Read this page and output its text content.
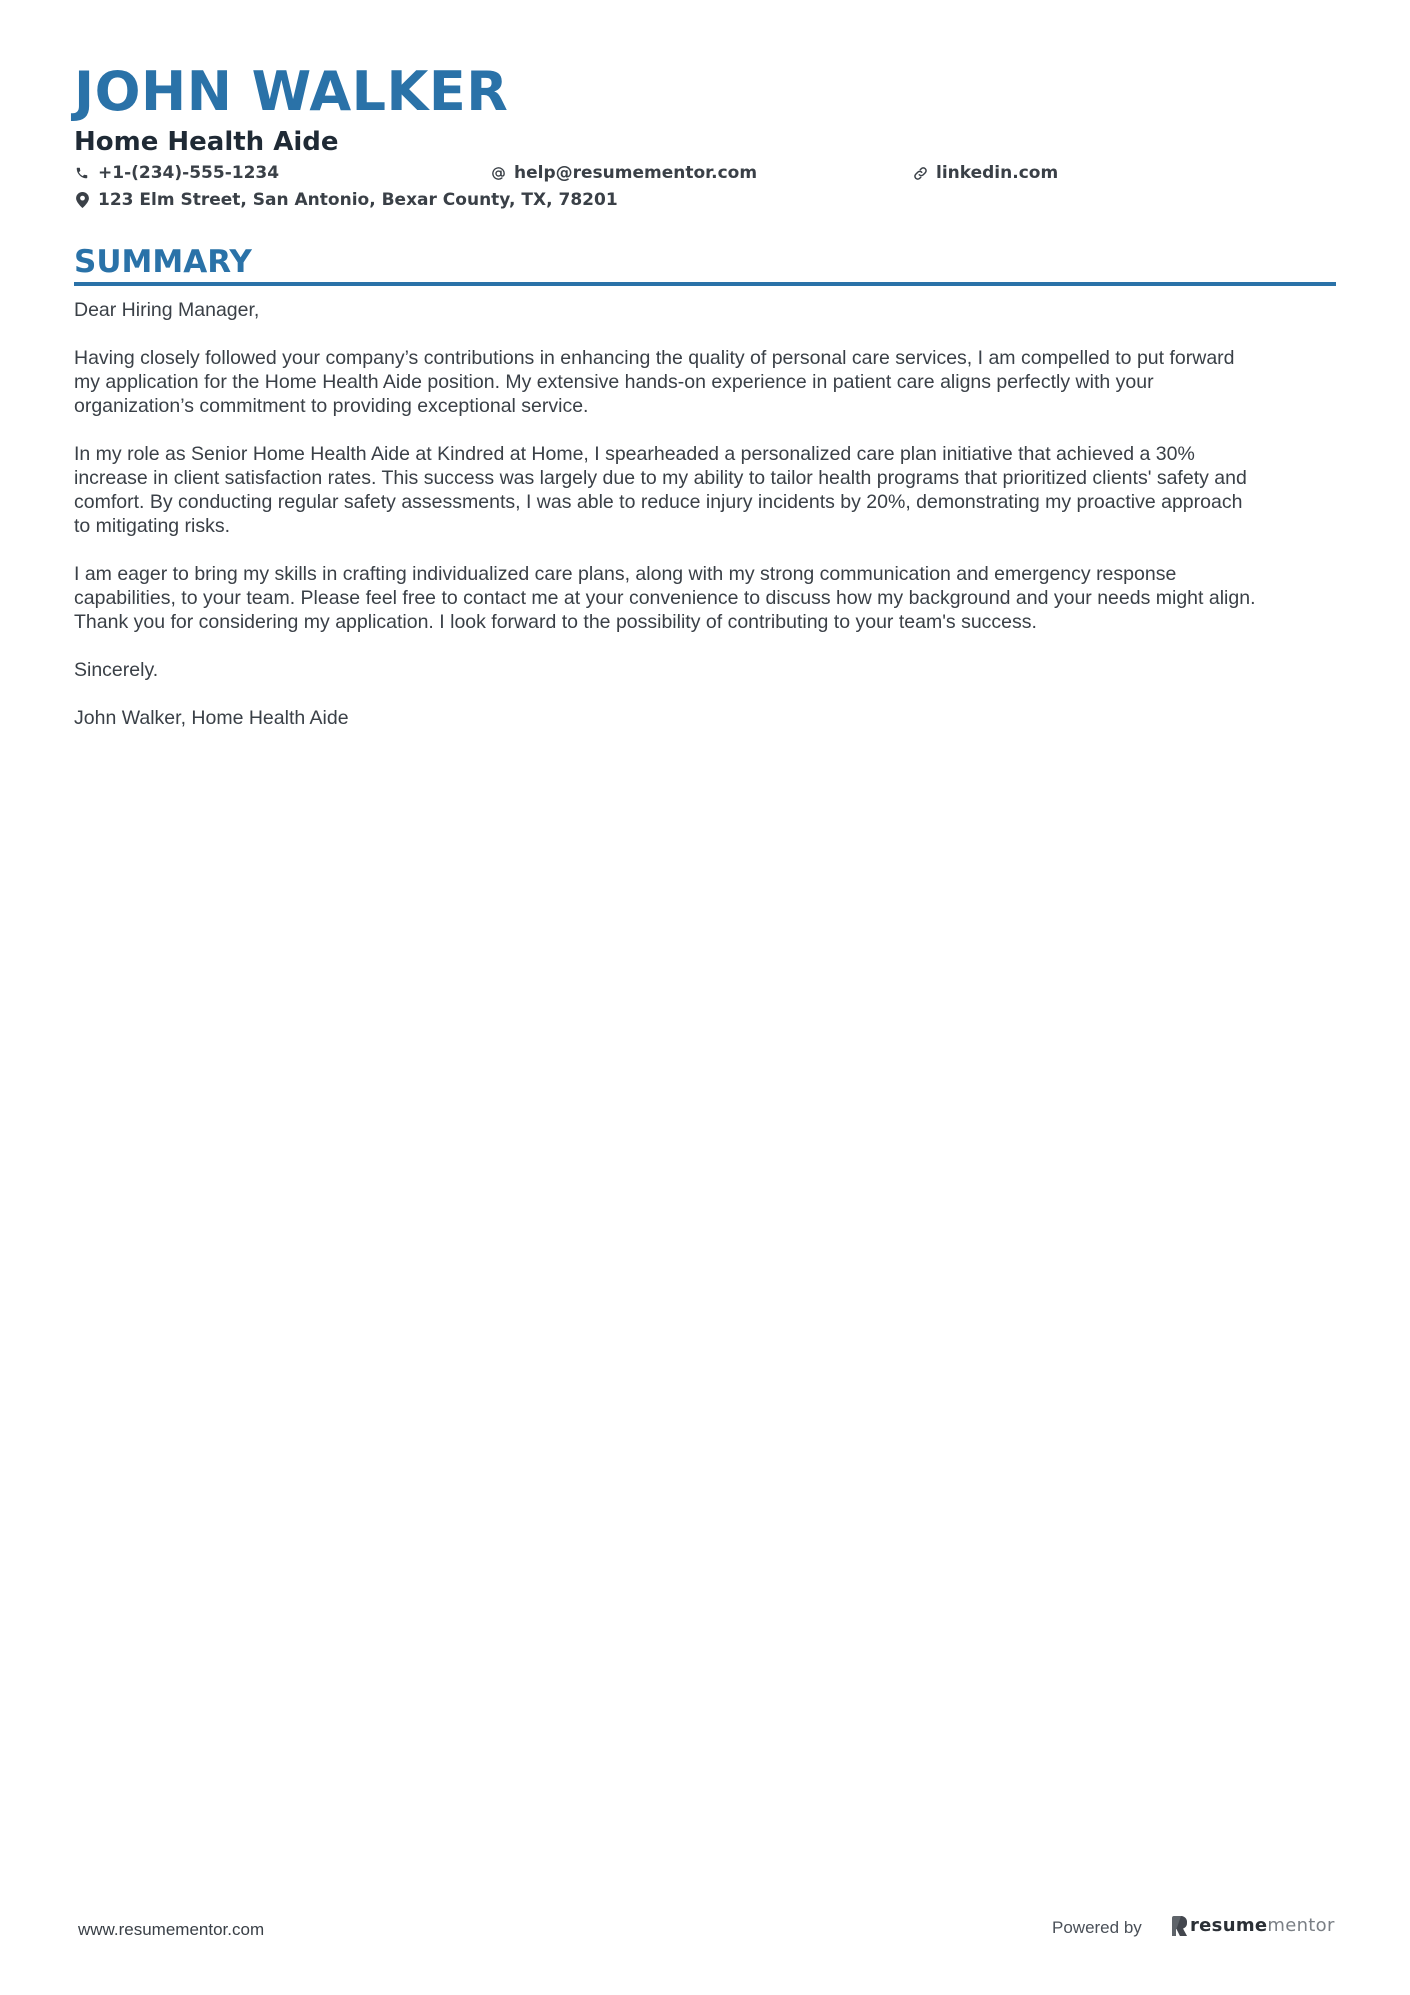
JOHN WALKER
Home Health Aide
+1-(234)-555-1234	help@resumementor.com	linkedin.com
123 Elm Street, San Antonio, Bexar County, TX, 78201
SUMMARY

Dear Hiring Manager,

Having closely followed your company’s contributions in enhancing the quality of personal care services, I am compelled to put forward
my application for the Home Health Aide position. My extensive hands-on experience in patient care aligns perfectly with your
organization’s commitment to providing exceptional service.

In my role as Senior Home Health Aide at Kindred at Home, I spearheaded a personalized care plan initiative that achieved a 30%
increase in client satisfaction rates. This success was largely due to my ability to tailor health programs that prioritized clients' safety and
comfort. By conducting regular safety assessments, I was able to reduce injury incidents by 20%, demonstrating my proactive approach
to mitigating risks.

I am eager to bring my skills in crafting individualized care plans, along with my strong communication and emergency response
capabilities, to your team. Please feel free to contact me at your convenience to discuss how my background and your needs might align.
Thank you for considering my application. I look forward to the possibility of contributing to your team's success.

Sincerely.

John Walker, Home Health Aide

www.resumementor.com	Powered by	resumementor
